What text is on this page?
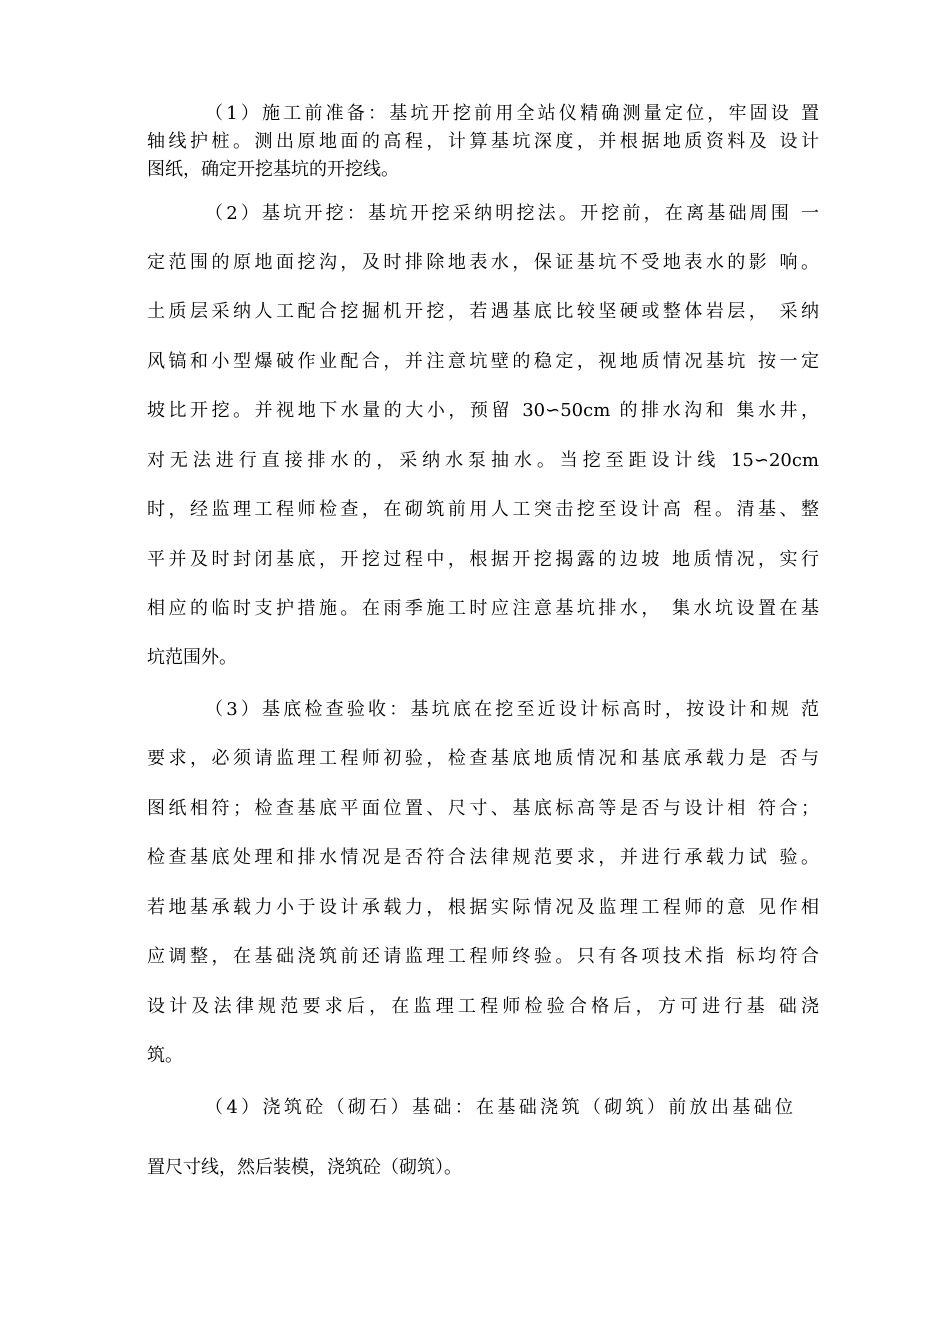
（1）施工前准备：基坑开挖前用全站仪精确测量定位，牢固设 置
轴线护桩。测出原地面的高程，计算基坑深度，并根据地质资料及 设计
图纸，确定开挖基坑的开挖线。
（2）基坑开挖：基坑开挖采纳明挖法。开挖前，在离基础周围 一
定范围的原地面挖沟，及时排除地表水，保证基坑不受地表水的影 响。
土质层采纳人工配合挖掘机开挖，若遇基底比较坚硬或整体岩层， 采纳
风镐和小型爆破作业配合，并注意坑壁的稳定，视地质情况基坑 按一定
坡比开挖。并视地下水量的大小，预留 30∽50cm 的排水沟和 集水井，
对无法进行直接排水的，采纳水泵抽水。当挖至距设计线 15∽20cm
时，经监理工程师检查，在砌筑前用人工突击挖至设计高 程。清基、整
平并及时封闭基底，开挖过程中，根据开挖揭露的边坡 地质情况，实行
相应的临时支护措施。在雨季施工时应注意基坑排水， 集水坑设置在基
坑范围外。
（3）基底检查验收：基坑底在挖至近设计标高时，按设计和规 范
要求，必须请监理工程师初验，检查基底地质情况和基底承载力是 否与
图纸相符；检查基底平面位置、尺寸、基底标高等是否与设计相 符合；
检查基底处理和排水情况是否符合法律规范要求，并进行承载力试 验。
若地基承载力小于设计承载力，根据实际情况及监理工程师的意 见作相
应调整，在基础浇筑前还请监理工程师终验。只有各项技术指 标均符合
设计及法律规范要求后，在监理工程师检验合格后，方可进行基 础浇
筑。
（4）浇筑砼（砌石）基础：在基础浇筑（砌筑）前放出基础位
置尺寸线，然后装模，浇筑砼（砌筑）。
